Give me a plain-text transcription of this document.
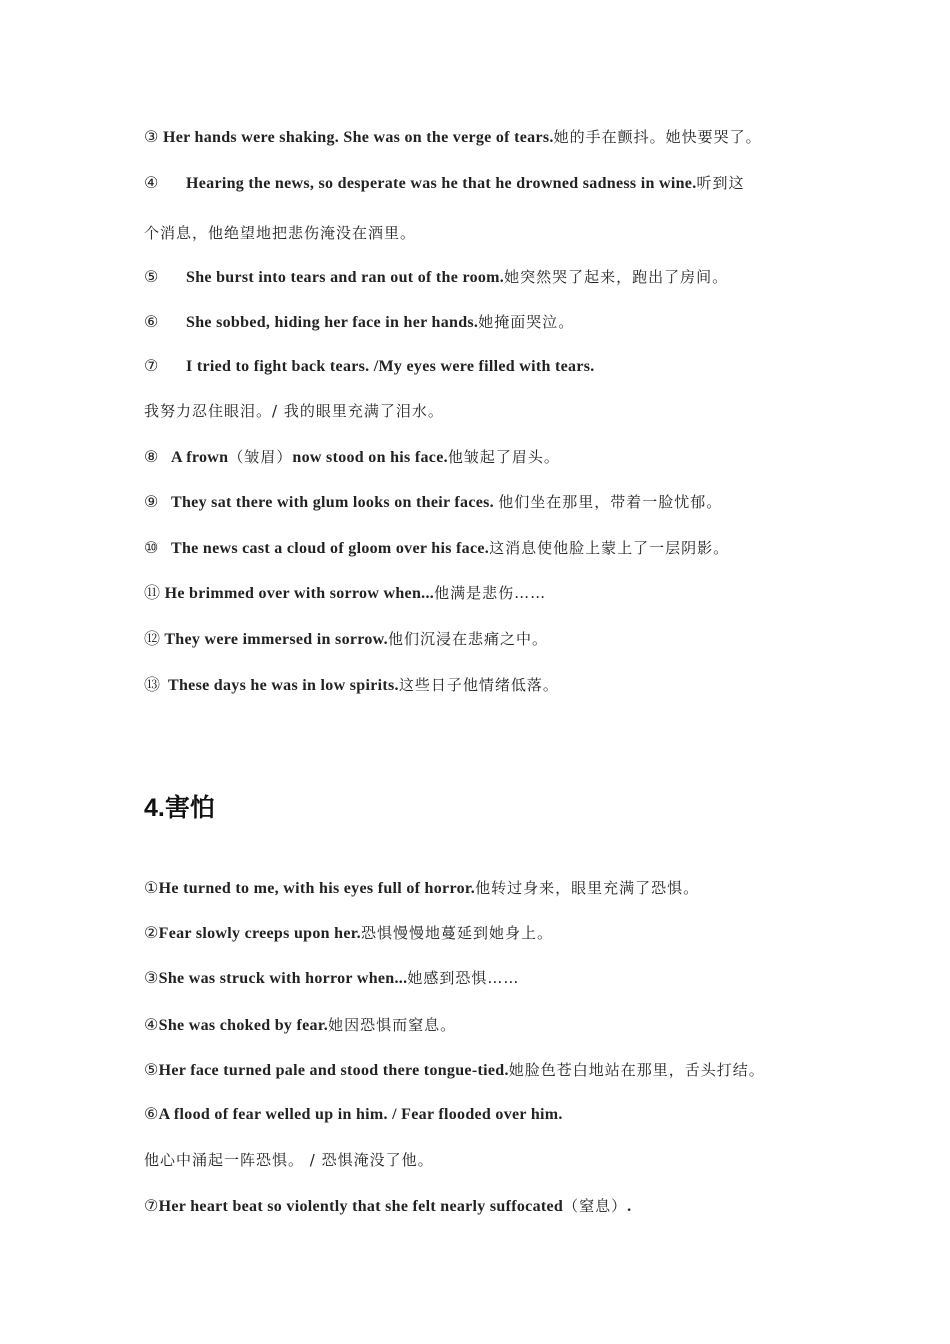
③ Her hands were shaking. She was on the verge of tears.她的手在颤抖。她快要哭了。
④ Hearing the news, so desperate was he that he drowned sadness in wine.听到这
个消息，他绝望地把悲伤淹没在酒里。
⑤ She burst into tears and ran out of the room.她突然哭了起来，跑出了房间。
⑥ She sobbed, hiding her face in her hands.她掩面哭泣。
⑦ I tried to fight back tears. /My eyes were filled with tears.
我努力忍住眼泪。/ 我的眼里充满了泪水。
⑧ A frown（皱眉）now stood on his face.他皱起了眉头。
⑨ They sat there with glum looks on their faces. 他们坐在那里，带着一脸忧郁。
⑩ The news cast a cloud of gloom over his face.这消息使他脸上蒙上了一层阴影。
⑪ He brimmed over with sorrow when...他满是悲伤……
⑫ They were immersed in sorrow.他们沉浸在悲痛之中。
⑬ These days he was in low spirits.这些日子他情绪低落。
4.害怕
①He turned to me, with his eyes full of horror.他转过身来，眼里充满了恐惧。
②Fear slowly creeps upon her.恐惧慢慢地蔓延到她身上。
③She was struck with horror when...她感到恐惧……
④She was choked by fear.她因恐惧而窒息。
⑤Her face turned pale and stood there tongue-tied.她脸色苍白地站在那里，舌头打结。
⑥A flood of fear welled up in him. / Fear flooded over him.
他心中涌起一阵恐惧。 / 恐惧淹没了他。
⑦Her heart beat so violently that she felt nearly suffocated（窒息）.
